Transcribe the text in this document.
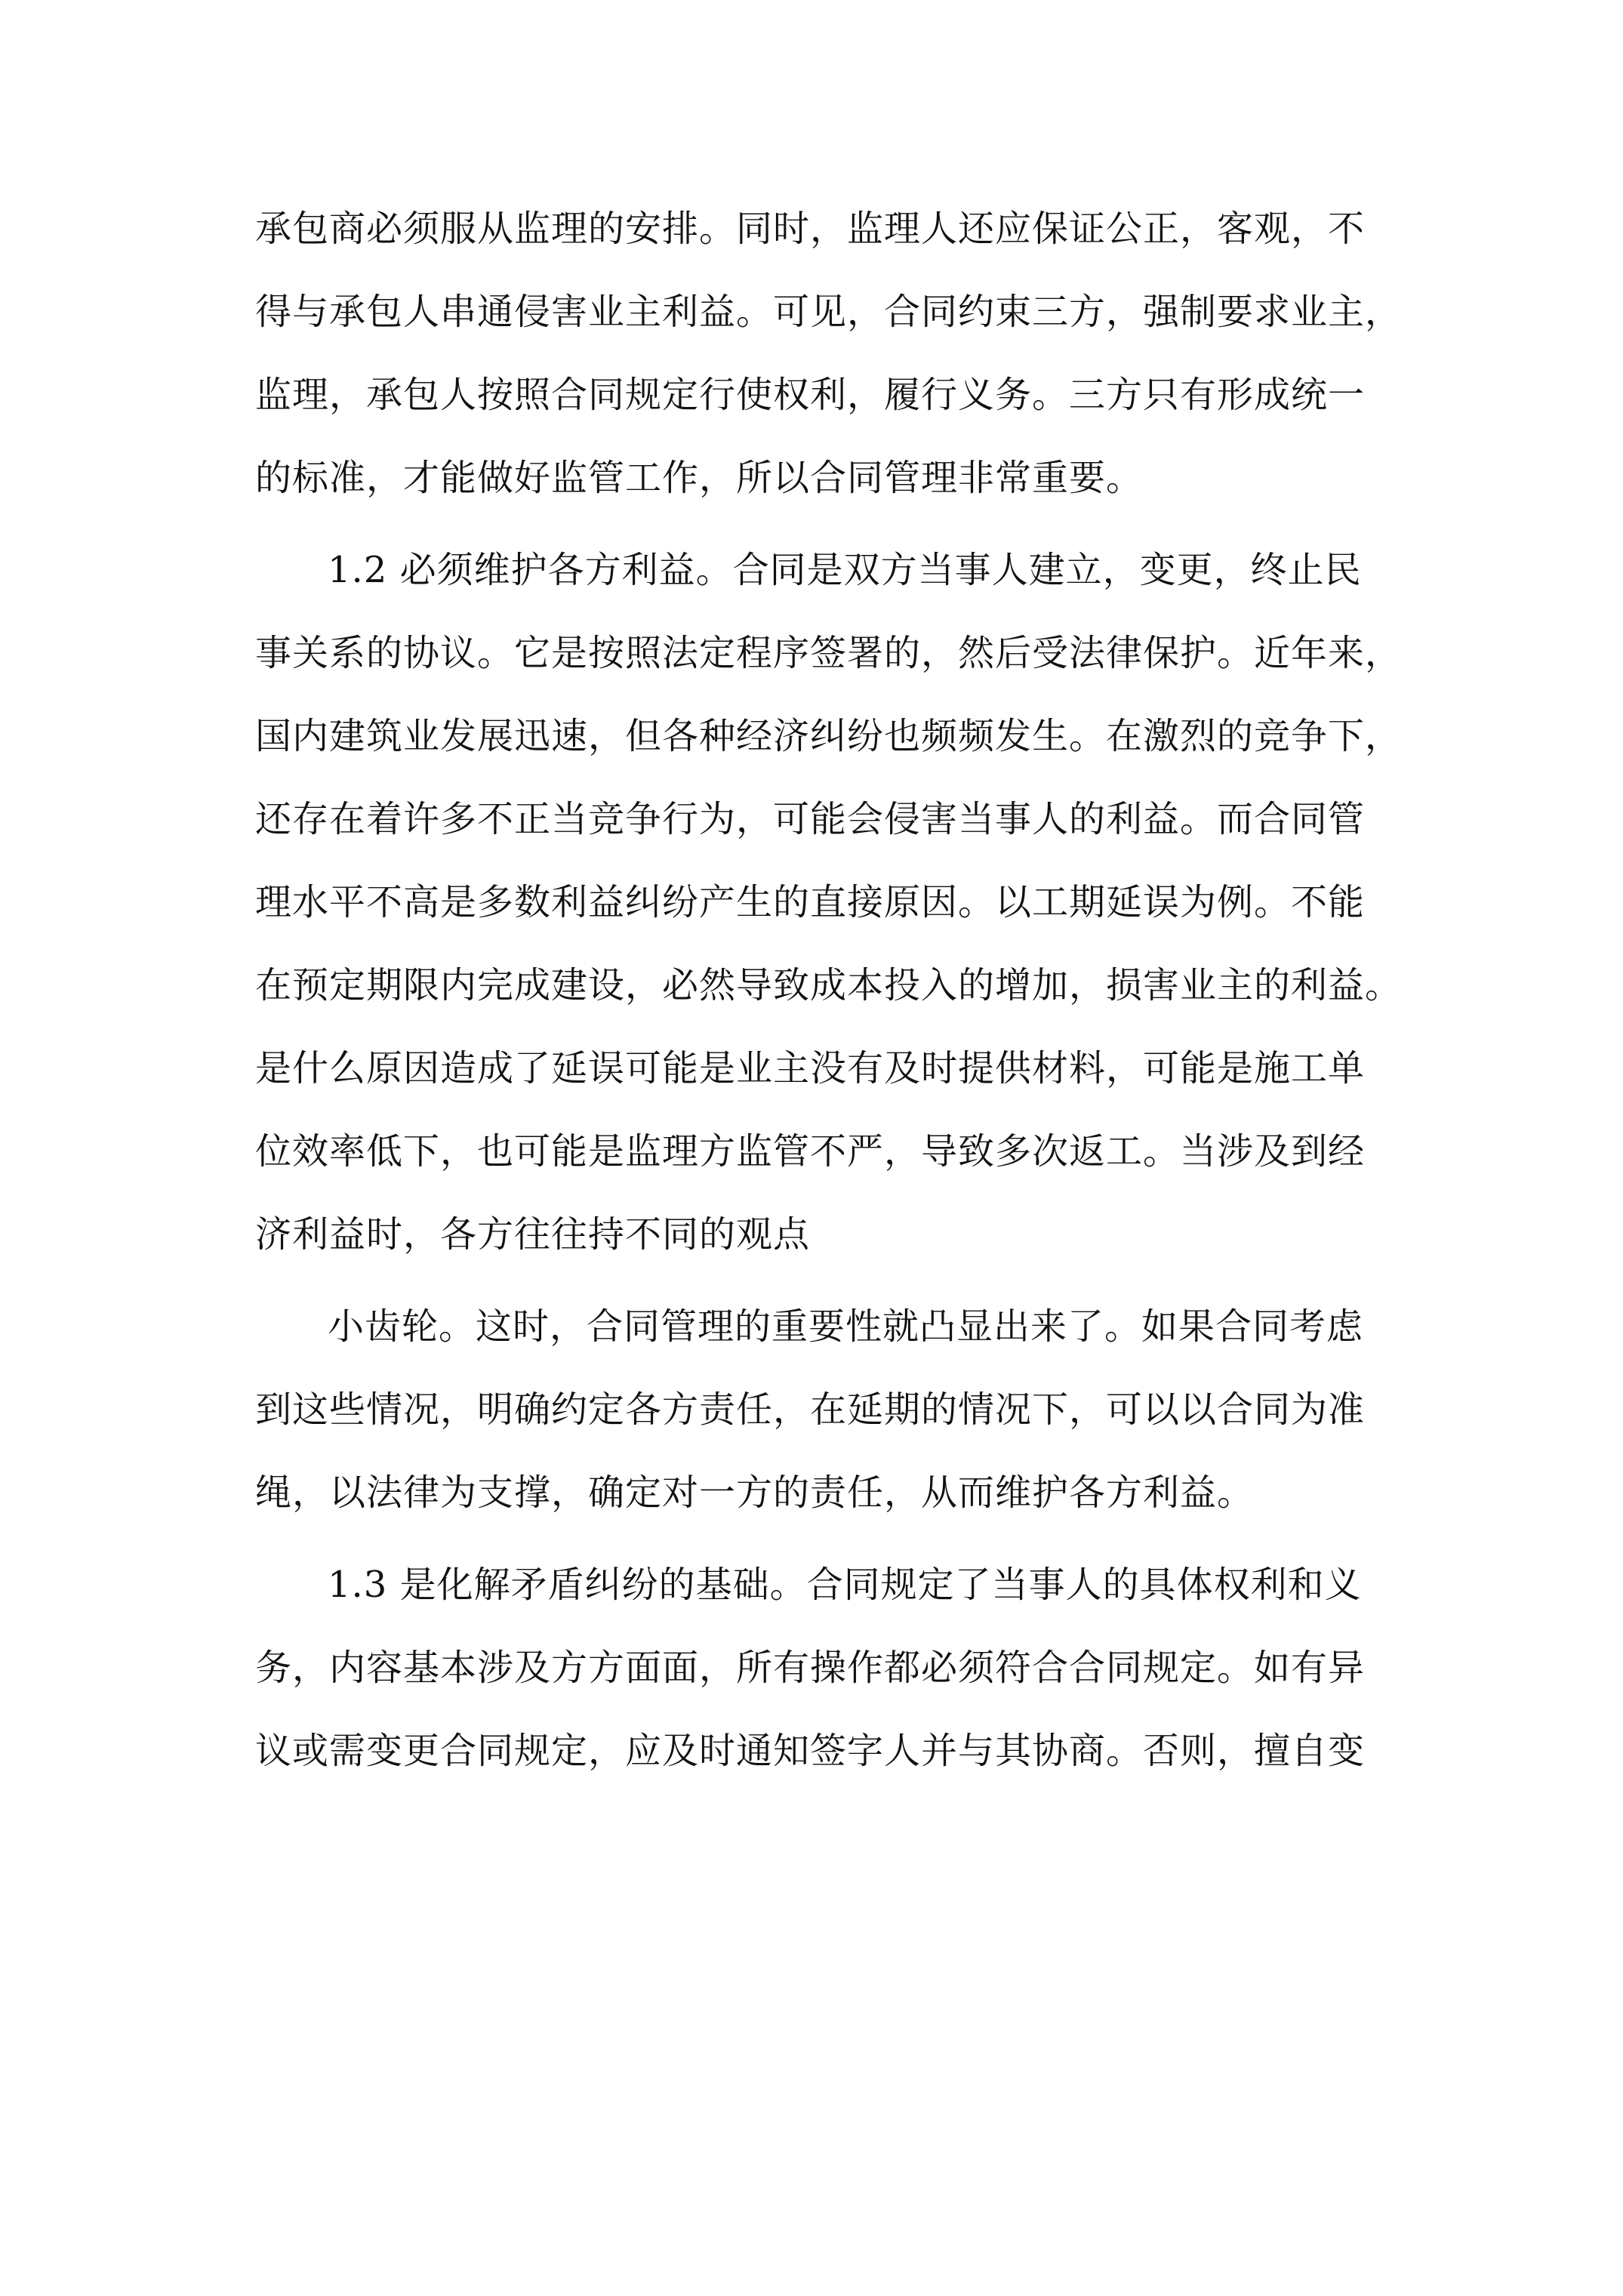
承包商必须服从监理的安排。同时，监理人还应保证公正，客观，不
得与承包人串通侵害业主利益。可见，合同约束三方，强制要求业主，
监理，承包人按照合同规定行使权利，履行义务。三方只有形成统一
的标准，才能做好监管工作，所以合同管理非常重要。

1.2 必须维护各方利益。合同是双方当事人建立，变更，终止民
事关系的协议。它是按照法定程序签署的，然后受法律保护。近年来，
国内建筑业发展迅速，但各种经济纠纷也频频发生。在激烈的竞争下，
还存在着许多不正当竞争行为，可能会侵害当事人的利益。而合同管
理水平不高是多数利益纠纷产生的直接原因。以工期延误为例。不能
在预定期限内完成建设，必然导致成本投入的增加，损害业主的利益。
是什么原因造成了延误可能是业主没有及时提供材料，可能是施工单
位效率低下，也可能是监理方监管不严，导致多次返工。当涉及到经
济利益时，各方往往持不同的观点

小齿轮。这时，合同管理的重要性就凸显出来了。如果合同考虑
到这些情况，明确约定各方责任，在延期的情况下，可以以合同为准
绳，以法律为支撑，确定对一方的责任，从而维护各方利益。

1.3 是化解矛盾纠纷的基础。合同规定了当事人的具体权利和义
务，内容基本涉及方方面面，所有操作都必须符合合同规定。如有异
议或需变更合同规定，应及时通知签字人并与其协商。否则，擅自变
